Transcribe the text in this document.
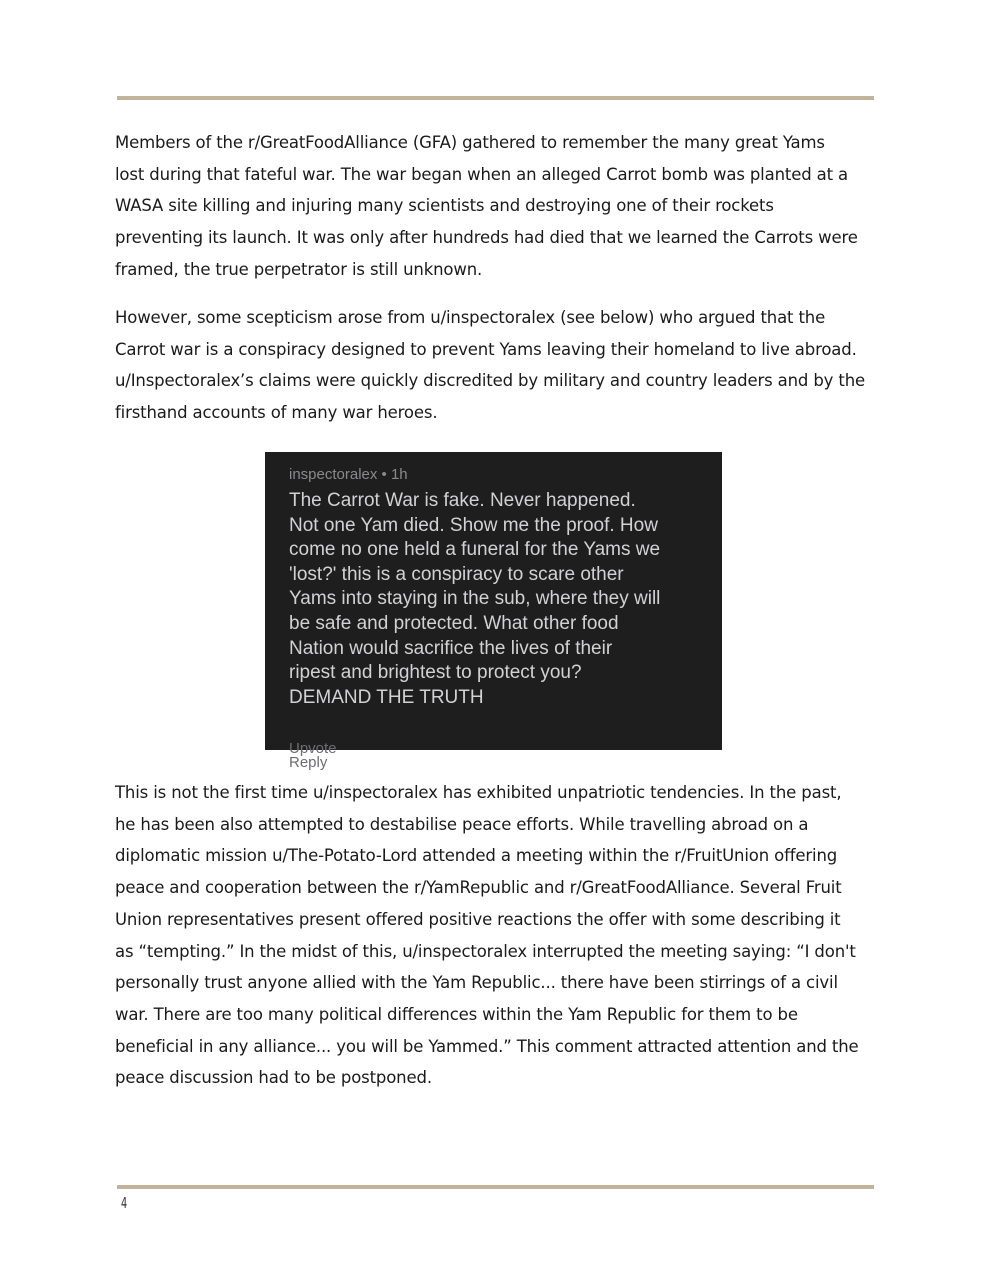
Members of the r/GreatFoodAlliance (GFA) gathered to remember the many great Yams
lost during that fateful war. The war began when an alleged Carrot bomb was planted at a
WASA site killing and injuring many scientists and destroying one of their rockets
preventing its launch. It was only after hundreds had died that we learned the Carrots were
framed, the true perpetrator is still unknown.

However, some scepticism arose from u/inspectoralex (see below) who argued that the
Carrot war is a conspiracy designed to prevent Yams leaving their homeland to live abroad.
u/Inspectoralex’s claims were quickly discredited by military and country leaders and by the
firsthand accounts of many war heroes.

inspectoralex • 1h
The Carrot War is fake. Never happened.
Not one Yam died. Show me the proof. How
come no one held a funeral for the Yams we
'lost?' this is a conspiracy to scare other
Yams into staying in the sub, where they will
be safe and protected. What other food
Nation would sacrifice the lives of their
ripest and brightest to protect you?
DEMAND THE TRUTH
Upvote Reply

This is not the first time u/inspectoralex has exhibited unpatriotic tendencies. In the past,
he has been also attempted to destabilise peace efforts. While travelling abroad on a
diplomatic mission u/The-Potato-Lord attended a meeting within the r/FruitUnion offering
peace and cooperation between the r/YamRepublic and r/GreatFoodAlliance. Several Fruit
Union representatives present offered positive reactions the offer with some describing it
as “tempting.” In the midst of this, u/inspectoralex interrupted the meeting saying: “I don't
personally trust anyone allied with the Yam Republic... there have been stirrings of a civil
war. There are too many political differences within the Yam Republic for them to be
beneficial in any alliance... you will be Yammed.” This comment attracted attention and the
peace discussion had to be postponed.

4
